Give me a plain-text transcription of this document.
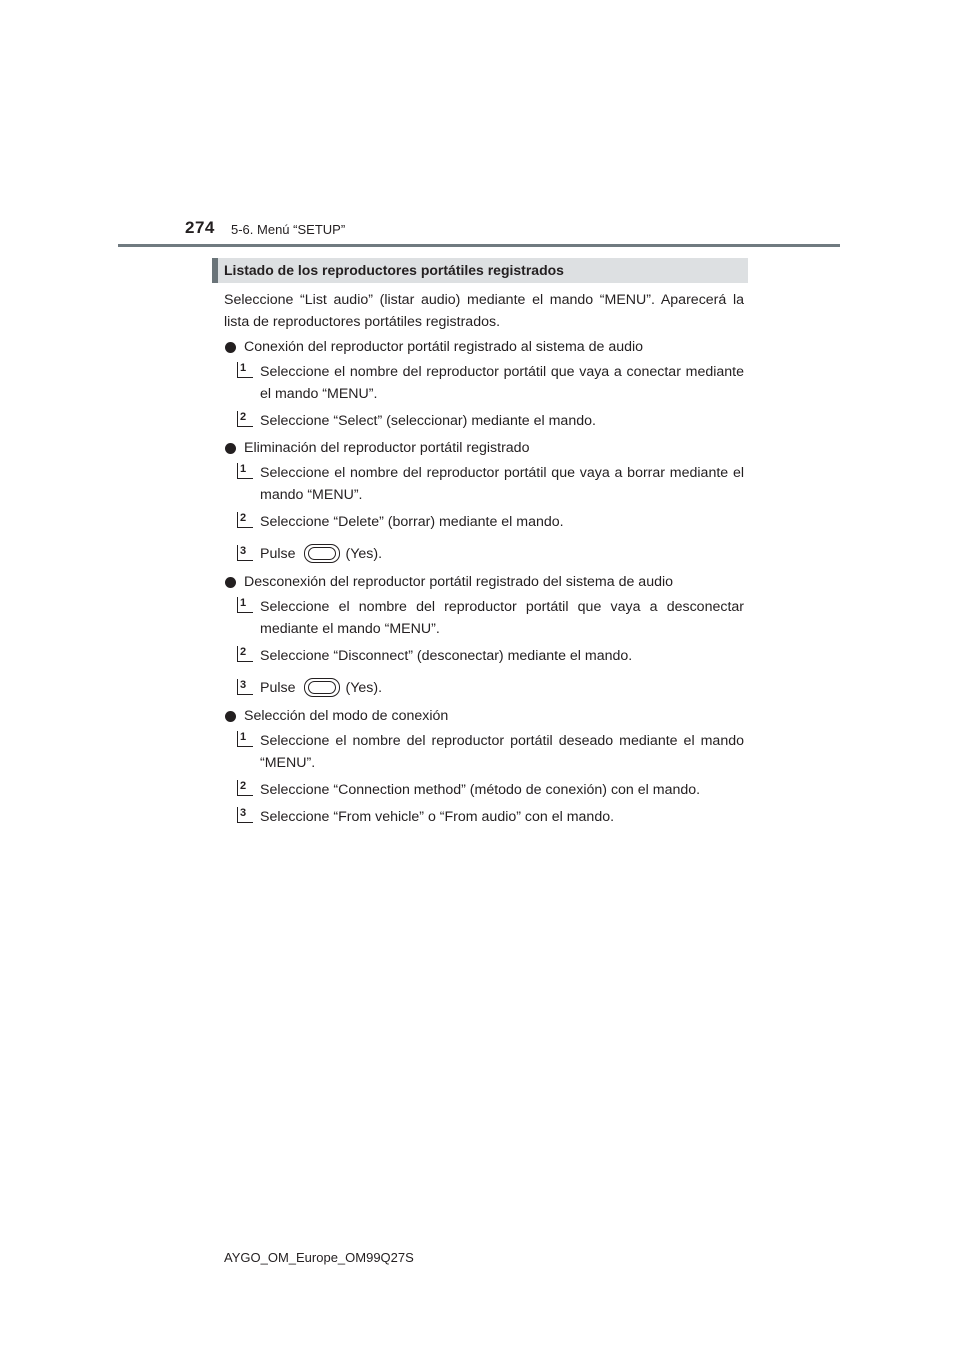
274 5-6. Menú “SETUP”
Listado de los reproductores portátiles registrados

Seleccione “List audio” (listar audio) mediante el mando “MENU”. Aparecerá la lista de reproductores portátiles registrados.

Conexión del reproductor portátil registrado al sistema de audio
1 Seleccione el nombre del reproductor portátil que vaya a conectar mediante el mando “MENU”.
2 Seleccione “Select” (seleccionar) mediante el mando.
Eliminación del reproductor portátil registrado
1 Seleccione el nombre del reproductor portátil que vaya a borrar mediante el mando “MENU”.
2 Seleccione “Delete” (borrar) mediante el mando.
3 Pulse	(Yes).
Desconexión del reproductor portátil registrado del sistema de audio
1 Seleccione el nombre del reproductor portátil que vaya a desconectar mediante el mando “MENU”.
2 Seleccione “Disconnect” (desconectar) mediante el mando.
3 Pulse	(Yes).
Selección del modo de conexión
1 Seleccione el nombre del reproductor portátil deseado mediante el mando “MENU”.
2 Seleccione “Connection method” (método de conexión) con el mando.
3 Seleccione “From vehicle” o “From audio” con el mando.
AYGO_OM_Europe_OM99Q27S
